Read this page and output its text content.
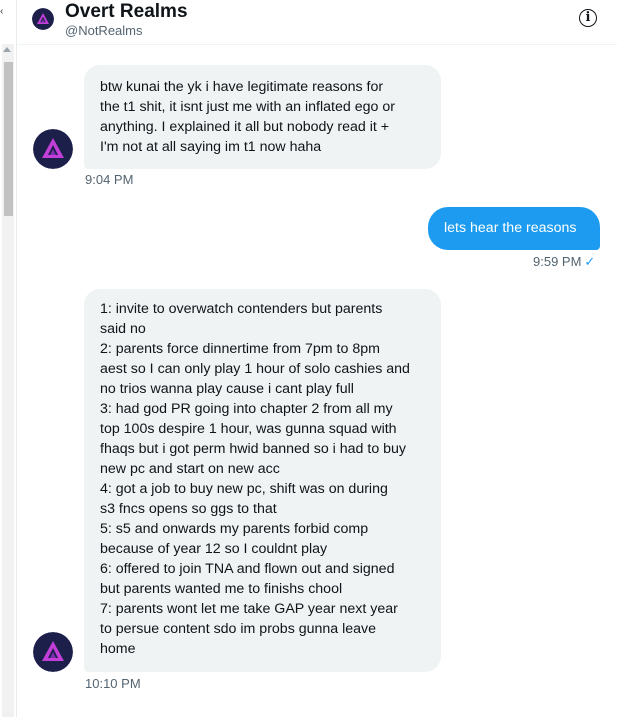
‹	Overt Realms
@NotRealms
i
btw kunai the yk i have legitimate reasons for
the t1 shit, it isnt just me with an inflated ego or
anything. I explained it all but nobody read it +
I'm not at all saying im t1 now haha
9:04 PM
lets hear the reasons
9:59 PM ✓
1: invite to overwatch contenders but parents
said no
2: parents force dinnertime from 7pm to 8pm
aest so I can only play 1 hour of solo cashies and
no trios wanna play cause i cant play full
3: had god PR going into chapter 2 from all my
top 100s despire 1 hour, was gunna squad with
fhaqs but i got perm hwid banned so i had to buy
new pc and start on new acc
4: got a job to buy new pc, shift was on during
s3 fncs opens so ggs to that
5: s5 and onwards my parents forbid comp
because of year 12 so I couldnt play
6: offered to join TNA and flown out and signed
but parents wanted me to finishs chool
7: parents wont let me take GAP year next year
to persue content sdo im probs gunna leave
home
10:10 PM
